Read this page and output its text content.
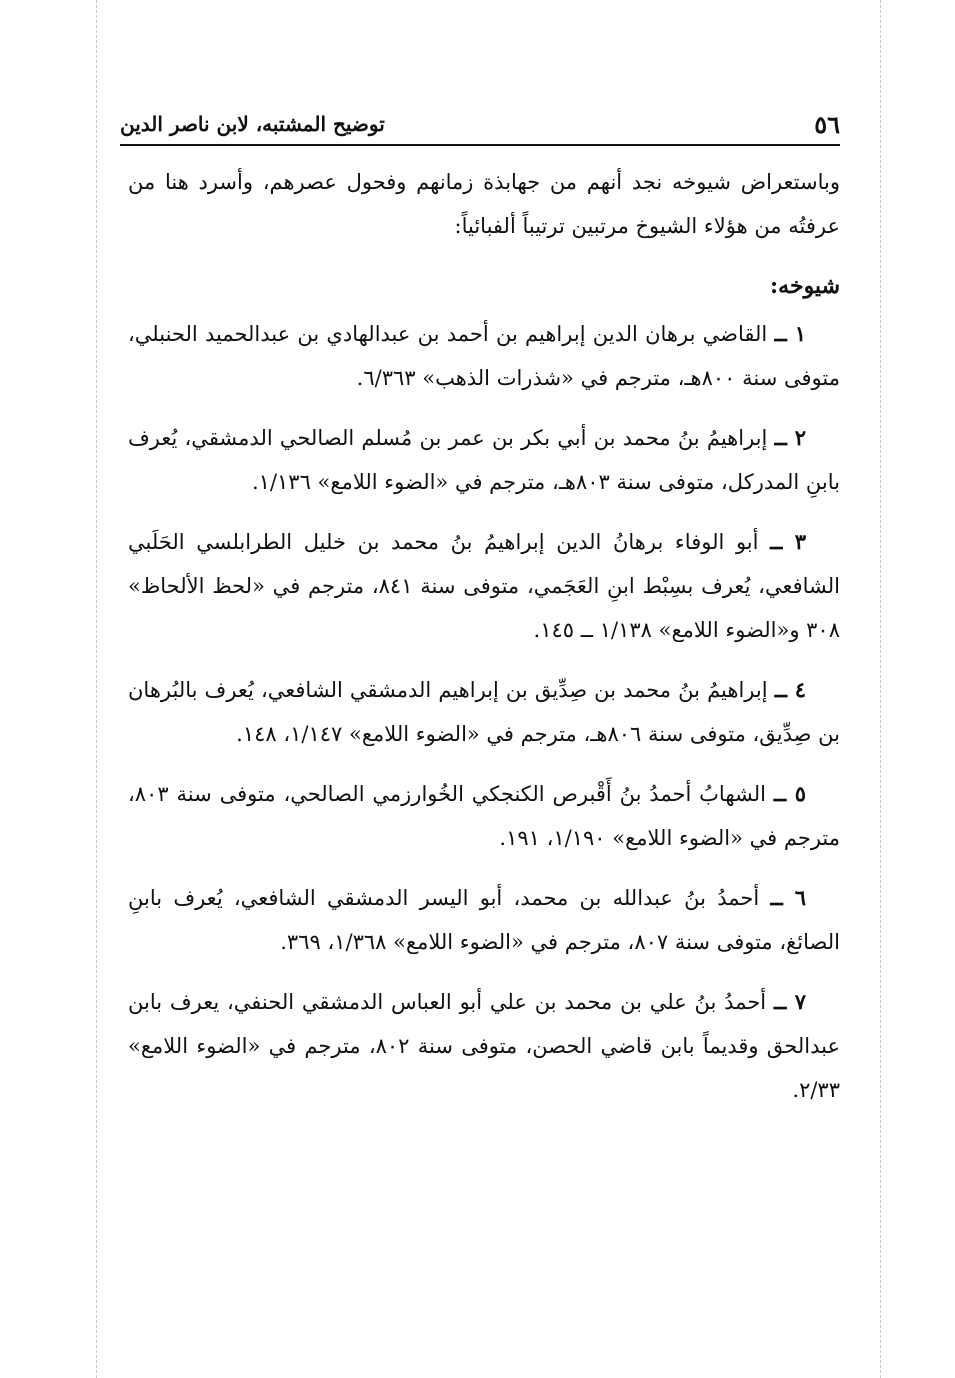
٥٦
توضيح المشتبه، لابن ناصر الدين

وباستعراض شيوخه نجد أنهم من جهابذة زمانهم وفحول عصرهم، وأسرد هنا من عرفتُه من هؤلاء الشيوخ مرتبين ترتيباً ألفبائياً:

شيوخه:

١ ــ القاضي برهان الدين إبراهيم بن أحمد بن عبدالهادي بن عبدالحميد الحنبلي، متوفى سنة ٨٠٠هـ، مترجم في «شذرات الذهب» ٦/٣٦٣.

٢ ــ إبراهيمُ بنُ محمد بن أبي بكر بن عمر بن مُسلم الصالحي الدمشقي، يُعرف بابنِ المدركل، متوفى سنة ٨٠٣هـ، مترجم في «الضوء اللامع» ١/١٣٦.

٣ ــ أبو الوفاء برهانُ الدين إبراهيمُ بنُ محمد بن خليل الطرابلسي الحَلَبي الشافعي، يُعرف بسِبْط ابنِ العَجَمي، متوفى سنة ٨٤١، مترجم في «لحظ الألحاظ» ٣٠٨ و«الضوء اللامع» ١/١٣٨ ــ ١٤٥.

٤ ــ إبراهيمُ بنُ محمد بن صِدِّيق بن إبراهيم الدمشقي الشافعي، يُعرف بالبُرهان بن صِدِّيق، متوفى سنة ٨٠٦هـ، مترجم في «الضوء اللامع» ١/١٤٧، ١٤٨.

٥ ــ الشهابُ أحمدُ بنُ أَقْبرص الكنجكي الخُوارزمي الصالحي، متوفى سنة ٨٠٣، مترجم في «الضوء اللامع» ١/١٩٠، ١٩١.

٦ ــ أحمدُ بنُ عبدالله بن محمد، أبو اليسر الدمشقي الشافعي، يُعرف بابنِ الصائغ، متوفى سنة ٨٠٧، مترجم في «الضوء اللامع» ١/٣٦٨، ٣٦٩.

٧ ــ أحمدُ بنُ علي بن محمد بن علي أبو العباس الدمشقي الحنفي، يعرف بابن عبدالحق وقديماً بابن قاضي الحصن، متوفى سنة ٨٠٢، مترجم في «الضوء اللامع» ٢/٣٣.
